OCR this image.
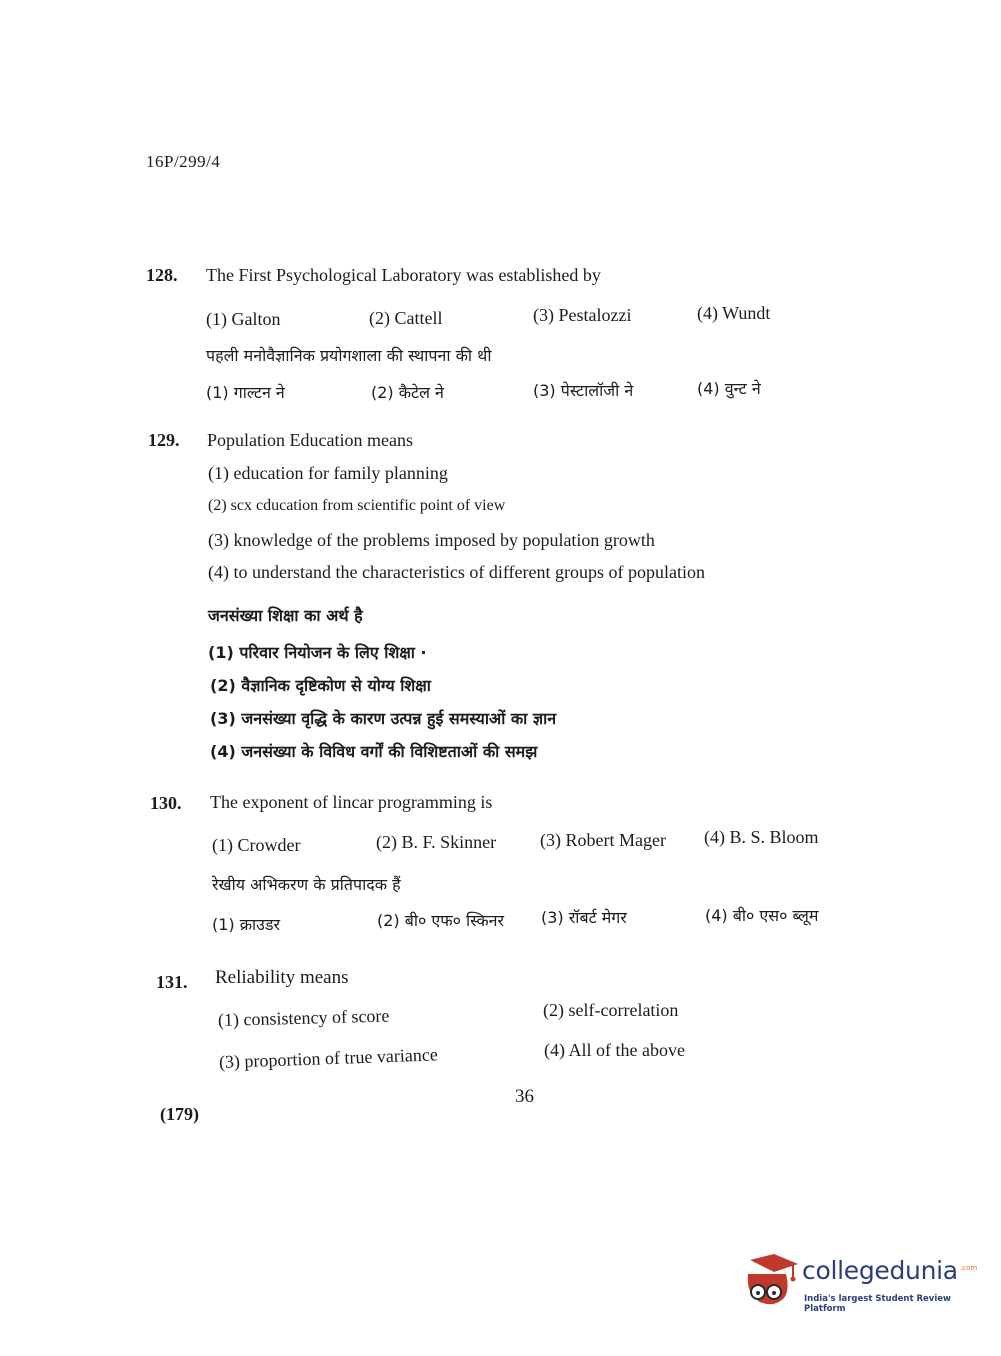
16P/299/4
128. The First Psychological Laboratory was established by
(1) Galton	(2) Cattell	(3) Pestalozzi	(4) Wundt
पहली मनोवैज्ञानिक प्रयोगशाला की स्थापना की थी
(1) गाल्टन ने	(2) कैटेल ने	(3) पेस्टालॉजी ने	(4) वुन्ट ने
129. Population Education means
(1) education for family planning
(2) scx cducation from scientific point of view
(3) knowledge of the problems imposed by population growth
(4) to understand the characteristics of different groups of population
जनसंख्या शिक्षा का अर्थ है
(1) परिवार नियोजन के लिए शिक्षा ·
(2) वैज्ञानिक दृष्टिकोण से योग्य शिक्षा
(3) जनसंख्या वृद्धि के कारण उत्पन्न हुई समस्याओं का ज्ञान
(4) जनसंख्या के विविध वर्गों की विशिष्टताओं की समझ
130. The exponent of lincar programming is
(1) Crowder	(2) B. F. Skinner (3) Robert Mager (4) B. S. Bloom
रेखीय अभिकरण के प्रतिपादक हैं
(1) क्राउडर	(2) बी० एफ० स्किनर (3) रॉबर्ट मेगर	(4) बी० एस० ब्लूम
131. Reliability means
(1) consistency of score	(2) self-correlation
(3) proportion of true variance	(4) All of the above
36
(179)
collegedunia .com
India's largest Student Review Platform
